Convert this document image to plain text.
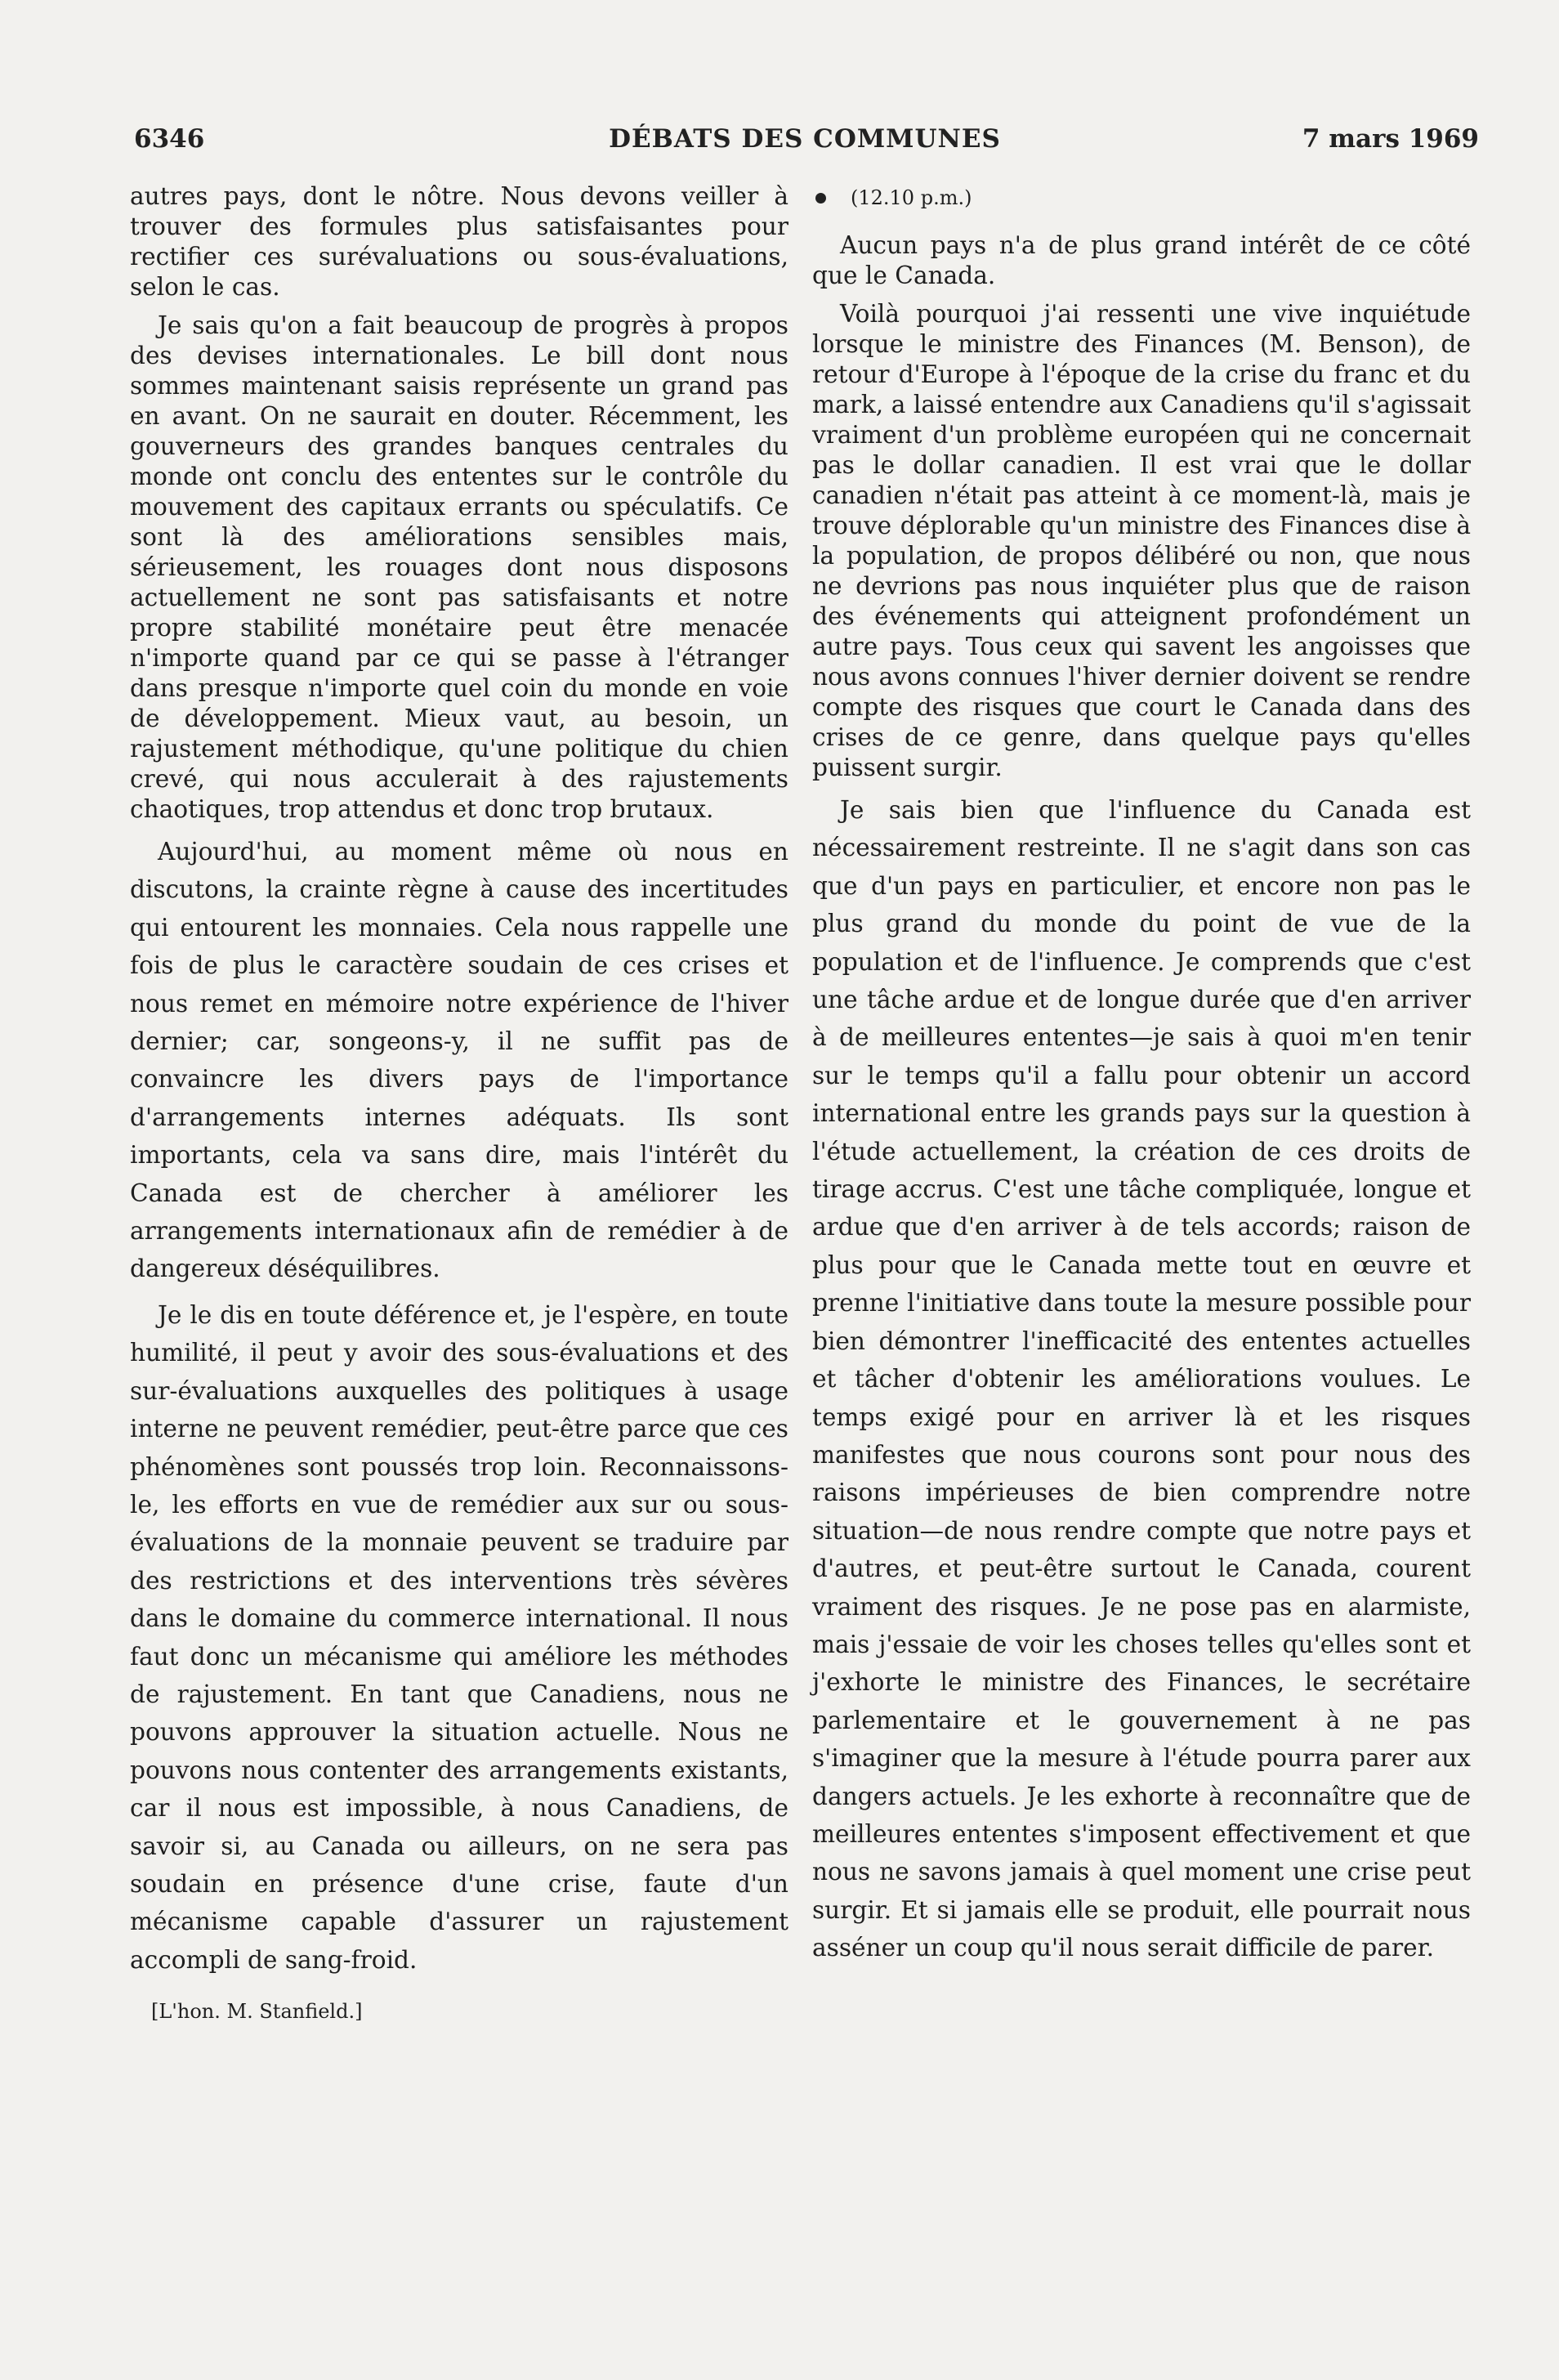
6346	DÉBATS DES COMMUNES	7 mars 1969

autres pays, dont le nôtre. Nous devons veiller à trouver des formules plus satisfaisantes pour rectifier ces surévaluations ou sous-évaluations, selon le cas.

Je sais qu'on a fait beaucoup de progrès à propos des devises internationales. Le bill dont nous sommes maintenant saisis représente un grand pas en avant. On ne saurait en douter. Récemment, les gouverneurs des grandes banques centrales du monde ont conclu des ententes sur le contrôle du mouvement des capitaux errants ou spéculatifs. Ce sont là des améliorations sensibles mais, sérieusement, les rouages dont nous disposons actuellement ne sont pas satisfaisants et notre propre stabilité monétaire peut être menacée n'importe quand par ce qui se passe à l'étranger dans presque n'importe quel coin du monde en voie de développement. Mieux vaut, au besoin, un rajustement méthodique, qu'une politique du chien crevé, qui nous acculerait à des rajustements chaotiques, trop attendus et donc trop brutaux.

Aujourd'hui, au moment même où nous en discutons, la crainte règne à cause des incertitudes qui entourent les monnaies. Cela nous rappelle une fois de plus le caractère soudain de ces crises et nous remet en mémoire notre expérience de l'hiver dernier; car, songeons-y, il ne suffit pas de convaincre les divers pays de l'importance d'arrangements internes adéquats. Ils sont importants, cela va sans dire, mais l'intérêt du Canada est de chercher à améliorer les arrangements internationaux afin de remédier à de dangereux déséquilibres.

Je le dis en toute déférence et, je l'espère, en toute humilité, il peut y avoir des sous-évaluations et des sur-évaluations auxquelles des politiques à usage interne ne peuvent remédier, peut-être parce que ces phénomènes sont poussés trop loin. Reconnaissons-le, les efforts en vue de remédier aux sur ou sous-évaluations de la monnaie peuvent se traduire par des restrictions et des interventions très sévères dans le domaine du commerce international. Il nous faut donc un mécanisme qui améliore les méthodes de rajustement. En tant que Canadiens, nous ne pouvons approuver la situation actuelle. Nous ne pouvons nous contenter des arrangements existants, car il nous est impossible, à nous Canadiens, de savoir si, au Canada ou ailleurs, on ne sera pas soudain en présence d'une crise, faute d'un mécanisme capable d'assurer un rajustement accompli de sang-froid.

[L'hon. M. Stanfield.]
(12.10 p.m.)

Aucun pays n'a de plus grand intérêt de ce côté que le Canada.

Voilà pourquoi j'ai ressenti une vive inquiétude lorsque le ministre des Finances (M. Benson), de retour d'Europe à l'époque de la crise du franc et du mark, a laissé entendre aux Canadiens qu'il s'agissait vraiment d'un problème européen qui ne concernait pas le dollar canadien. Il est vrai que le dollar canadien n'était pas atteint à ce moment-là, mais je trouve déplorable qu'un ministre des Finances dise à la population, de propos délibéré ou non, que nous ne devrions pas nous inquiéter plus que de raison des événements qui atteignent profondément un autre pays. Tous ceux qui savent les angoisses que nous avons connues l'hiver dernier doivent se rendre compte des risques que court le Canada dans des crises de ce genre, dans quelque pays qu'elles puissent surgir.

Je sais bien que l'influence du Canada est nécessairement restreinte. Il ne s'agit dans son cas que d'un pays en particulier, et encore non pas le plus grand du monde du point de vue de la population et de l'influence. Je comprends que c'est une tâche ardue et de longue durée que d'en arriver à de meilleures ententes—je sais à quoi m'en tenir sur le temps qu'il a fallu pour obtenir un accord international entre les grands pays sur la question à l'étude actuellement, la création de ces droits de tirage accrus. C'est une tâche compliquée, longue et ardue que d'en arriver à de tels accords; raison de plus pour que le Canada mette tout en œuvre et prenne l'initiative dans toute la mesure possible pour bien démontrer l'inefficacité des ententes actuelles et tâcher d'obtenir les améliorations voulues. Le temps exigé pour en arriver là et les risques manifestes que nous courons sont pour nous des raisons impérieuses de bien comprendre notre situation—de nous rendre compte que notre pays et d'autres, et peut-être surtout le Canada, courent vraiment des risques. Je ne pose pas en alarmiste, mais j'essaie de voir les choses telles qu'elles sont et j'exhorte le ministre des Finances, le secrétaire parlementaire et le gouvernement à ne pas s'imaginer que la mesure à l'étude pourra parer aux dangers actuels. Je les exhorte à reconnaître que de meilleures ententes s'imposent effectivement et que nous ne savons jamais à quel moment une crise peut surgir. Et si jamais elle se produit, elle pourrait nous asséner un coup qu'il nous serait difficile de parer.
